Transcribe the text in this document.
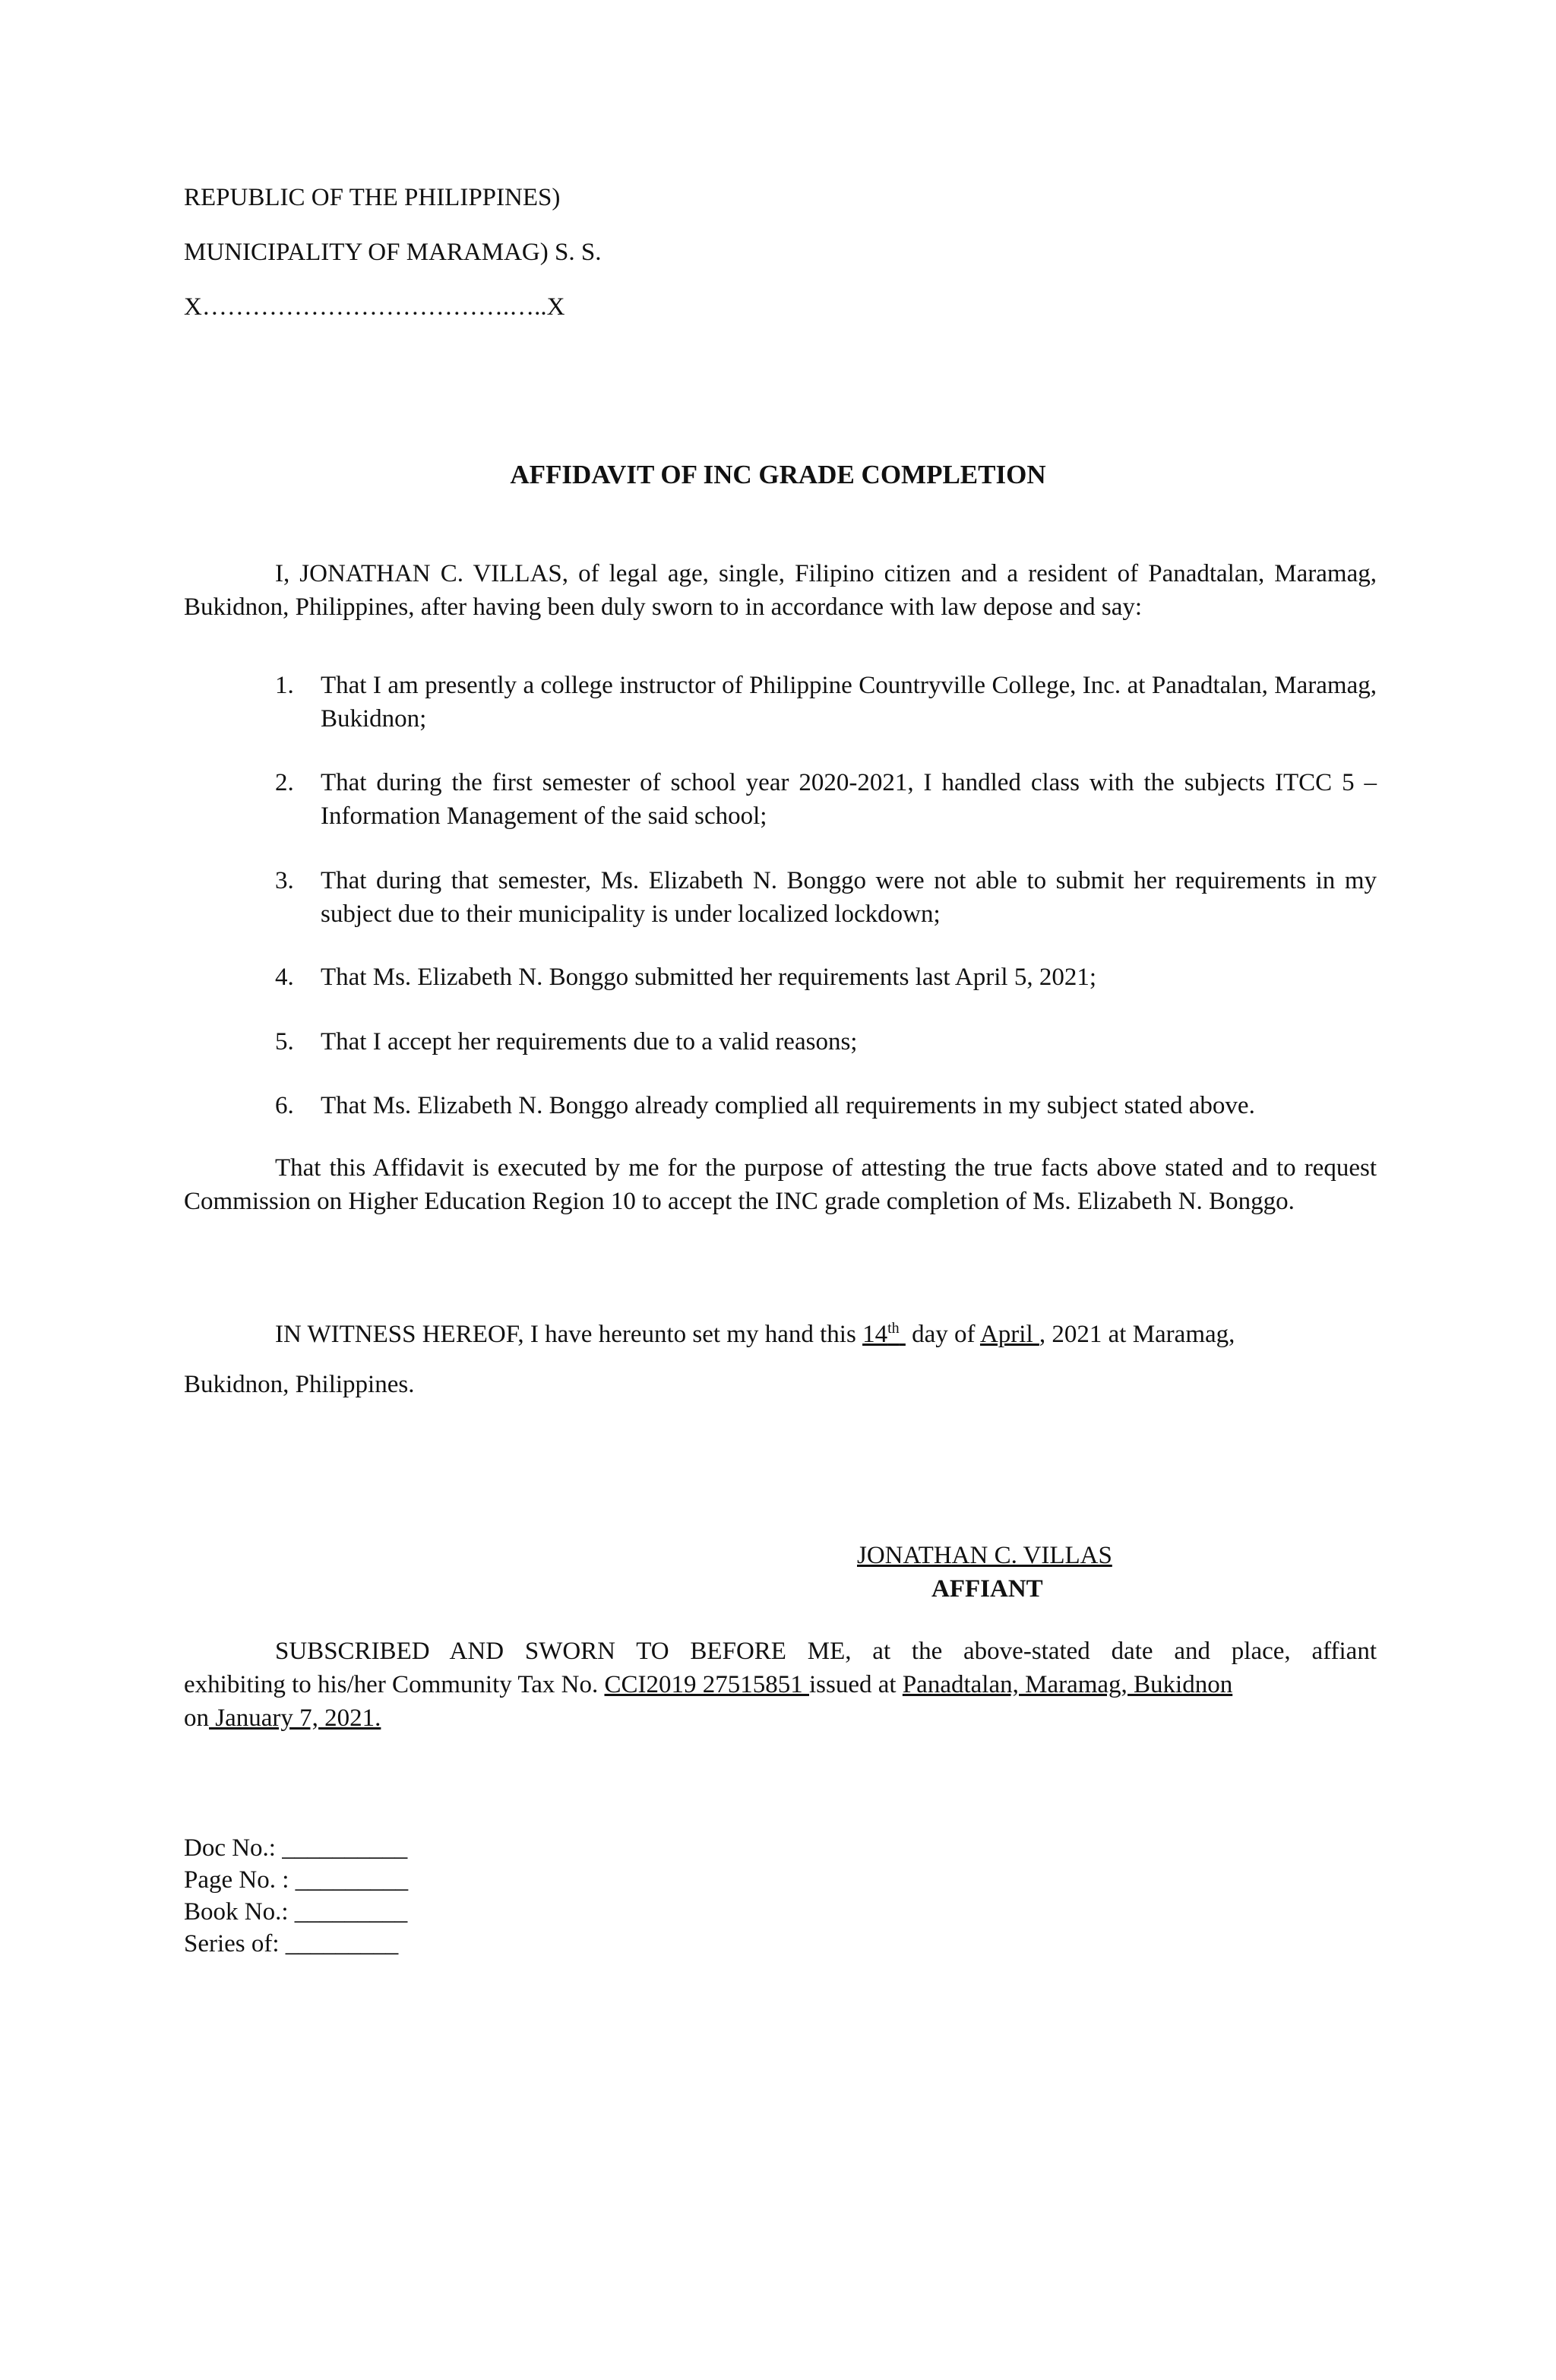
REPUBLIC OF THE PHILIPPINES)

MUNICIPALITY OF MARAMAG) S. S.

X……………………………….…..X

AFFIDAVIT OF INC GRADE COMPLETION

I, JONATHAN C. VILLAS, of legal age, single, Filipino citizen and a resident of Panadtalan, Maramag, Bukidnon, Philippines, after having been duly sworn to in accordance with law depose and say:

1. That I am presently a college instructor of Philippine Countryville College, Inc. at Panadtalan, Maramag, Bukidnon;
2. That during the first semester of school year 2020-2021, I handled class with the subjects ITCC 5 – Information Management of the said school;
3. That during that semester, Ms. Elizabeth N. Bonggo were not able to submit her requirements in my subject due to their municipality is under localized lockdown;
4. That Ms. Elizabeth N. Bonggo submitted her requirements last April 5, 2021;
5. That I accept her requirements due to a valid reasons;
6. That Ms. Elizabeth N. Bonggo already complied all requirements in my subject stated above.

That this Affidavit is executed by me for the purpose of attesting the true facts above stated and to request Commission on Higher Education Region 10 to accept the INC grade completion of Ms. Elizabeth N. Bonggo.

IN WITNESS HEREOF, I have hereunto set my hand this 14th  day of April , 2021 at Maramag,

Bukidnon, Philippines.

JONATHAN C. VILLAS

AFFIANT

SUBSCRIBED AND SWORN TO BEFORE ME, at the above-stated date and place, affiant

exhibiting to his/her Community Tax No. CCI2019 27515851 issued at Panadtalan, Maramag, Bukidnon

on January 7, 2021.

Doc No.: __________

Page No. : _________

Book No.: _________

Series of: _________
